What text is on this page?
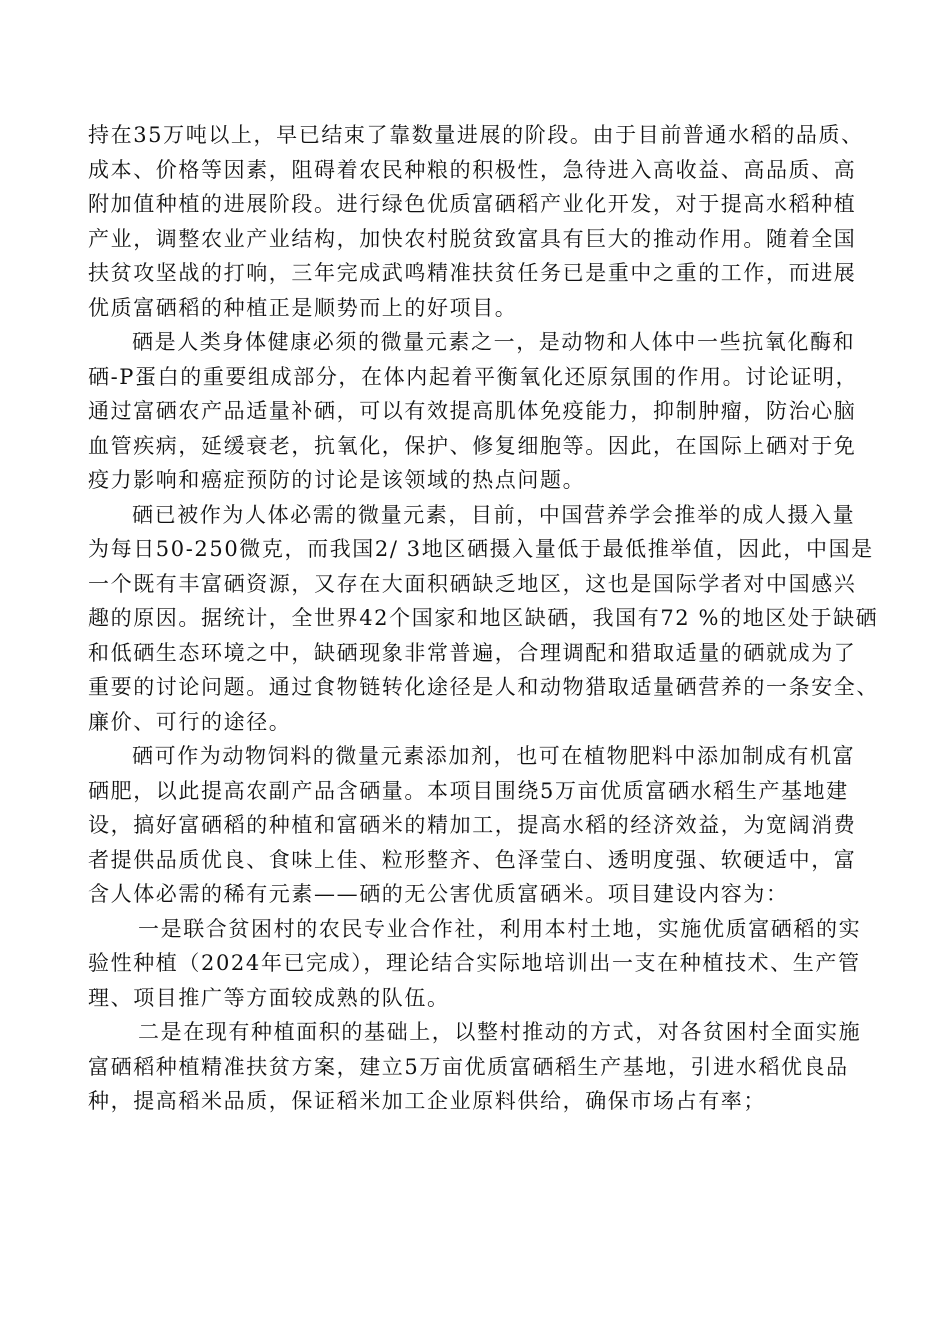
持在35万吨以上，早已结束了靠数量进展的阶段。由于目前普通水稻的品质、
成本、价格等因素，阻碍着农民种粮的积极性，急待进入高收益、高品质、高
附加值种植的进展阶段。进行绿色优质富硒稻产业化开发，对于提高水稻种植
产业，调整农业产业结构，加快农村脱贫致富具有巨大的推动作用。随着全国
扶贫攻坚战的打响，三年完成武鸣精准扶贫任务已是重中之重的工作，而进展
优质富硒稻的种植正是顺势而上的好项目。
硒是人类身体健康必须的微量元素之一，是动物和人体中一些抗氧化酶和
硒-P蛋白的重要组成部分，在体内起着平衡氧化还原氛围的作用。讨论证明，
通过富硒农产品适量补硒，可以有效提高肌体免疫能力，抑制肿瘤，防治心脑
血管疾病，延缓衰老，抗氧化，保护、修复细胞等。因此，在国际上硒对于免
疫力影响和癌症预防的讨论是该领域的热点问题。
硒已被作为人体必需的微量元素，目前，中国营养学会推举的成人摄入量
为每日50-250微克，而我国2/ 3地区硒摄入量低于最低推举值，因此，中国是
一个既有丰富硒资源，又存在大面积硒缺乏地区，这也是国际学者对中国感兴
趣的原因。据统计，全世界42个国家和地区缺硒，我国有72 %的地区处于缺硒
和低硒生态环境之中，缺硒现象非常普遍，合理调配和猎取适量的硒就成为了
重要的讨论问题。通过食物链转化途径是人和动物猎取适量硒营养的一条安全、
廉价、可行的途径。
硒可作为动物饲料的微量元素添加剂，也可在植物肥料中添加制成有机富
硒肥，以此提高农副产品含硒量。本项目围绕5万亩优质富硒水稻生产基地建
设，搞好富硒稻的种植和富硒米的精加工，提高水稻的经济效益，为宽阔消费
者提供品质优良、食味上佳、粒形整齐、色泽莹白、透明度强、软硬适中，富
含人体必需的稀有元素——硒的无公害优质富硒米。项目建设内容为：
一是联合贫困村的农民专业合作社，利用本村土地，实施优质富硒稻的实
验性种植（2024年已完成），理论结合实际地培训出一支在种植技术、生产管
理、项目推广等方面较成熟的队伍。
二是在现有种植面积的基础上，以整村推动的方式，对各贫困村全面实施
富硒稻种植精准扶贫方案，建立5万亩优质富硒稻生产基地，引进水稻优良品
种，提高稻米品质，保证稻米加工企业原料供给，确保市场占有率；
